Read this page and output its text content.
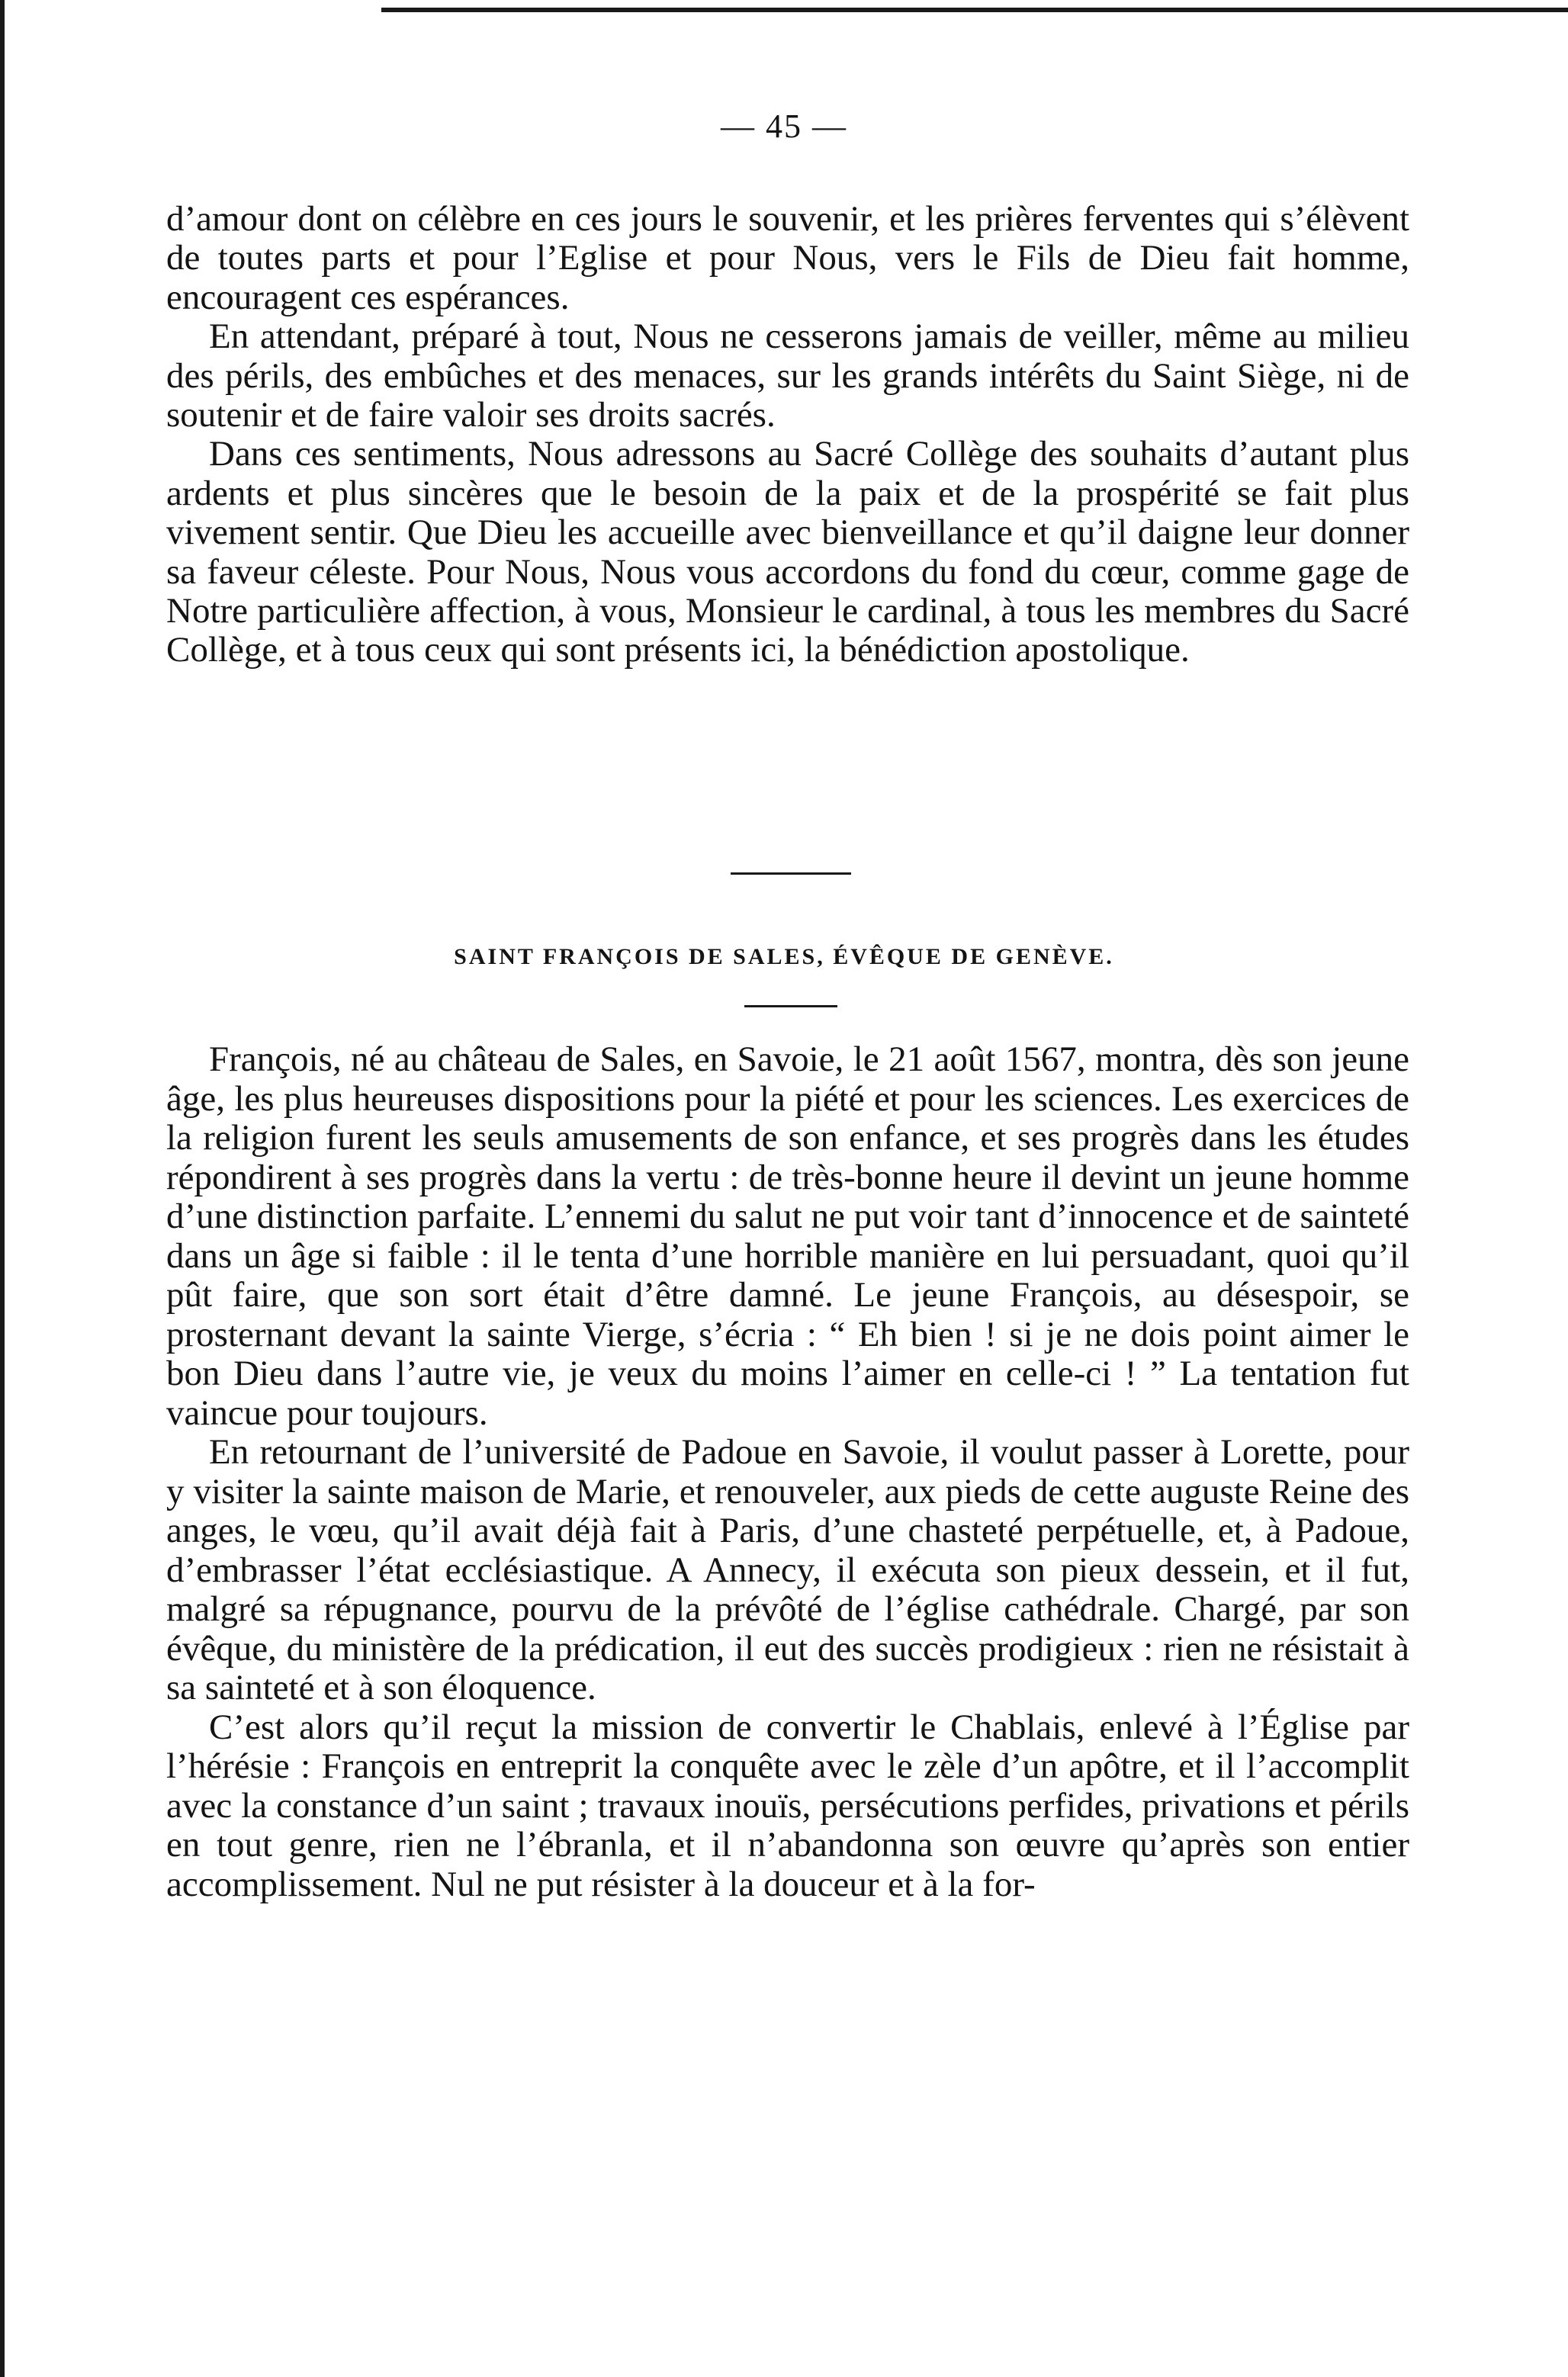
— 45 —

d’amour dont on célèbre en ces jours le souvenir, et les prières ferventes qui s’élèvent de toutes parts et pour l’Eglise et pour Nous, vers le Fils de Dieu fait homme, encouragent ces espérances.

En attendant, préparé à tout, Nous ne cesserons jamais de veiller, même au milieu des périls, des embûches et des menaces, sur les grands intérêts du Saint Siège, ni de soutenir et de faire valoir ses droits sacrés.

Dans ces sentiments, Nous adressons au Sacré Collège des souhaits d’autant plus ardents et plus sincères que le besoin de la paix et de la prospérité se fait plus vivement sentir. Que Dieu les accueille avec bienveillance et qu’il daigne leur donner sa faveur céleste. Pour Nous, Nous vous accordons du fond du cœur, comme gage de Notre particulière affection, à vous, Monsieur le cardinal, à tous les membres du Sacré Collège, et à tous ceux qui sont présents ici, la bénédiction apostolique.

SAINT FRANÇOIS DE SALES, ÉVÊQUE DE GENÈVE.

François, né au château de Sales, en Savoie, le 21 août 1567, montra, dès son jeune âge, les plus heureuses dispositions pour la piété et pour les sciences. Les exercices de la religion furent les seuls amusements de son enfance, et ses progrès dans les études répondirent à ses progrès dans la vertu : de très-bonne heure il devint un jeune homme d’une distinction parfaite. L’ennemi du salut ne put voir tant d’innocence et de sainteté dans un âge si faible : il le tenta d’une horrible manière en lui persuadant, quoi qu’il pût faire, que son sort était d’être damné. Le jeune François, au désespoir, se prosternant devant la sainte Vierge, s’écria : “ Eh bien ! si je ne dois point aimer le bon Dieu dans l’autre vie, je veux du moins l’aimer en celle-ci ! ” La tentation fut vaincue pour toujours.

En retournant de l’université de Padoue en Savoie, il voulut passer à Lorette, pour y visiter la sainte maison de Marie, et renouveler, aux pieds de cette auguste Reine des anges, le vœu, qu’il avait déjà fait à Paris, d’une chasteté perpétuelle, et, à Padoue, d’embrasser l’état ecclésiastique. A Annecy, il exécuta son pieux dessein, et il fut, malgré sa répugnance, pourvu de la prévôté de l’église cathédrale. Chargé, par son évêque, du ministère de la prédication, il eut des succès prodigieux : rien ne résistait à sa sainteté et à son éloquence.

C’est alors qu’il reçut la mission de convertir le Chablais, enlevé à l’Église par l’hérésie : François en entreprit la conquête avec le zèle d’un apôtre, et il l’accomplit avec la constance d’un saint ; travaux inouïs, persécutions perfides, privations et périls en tout genre, rien ne l’ébranla, et il n’abandonna son œuvre qu’après son entier accomplissement. Nul ne put résister à la douceur et à la for-
